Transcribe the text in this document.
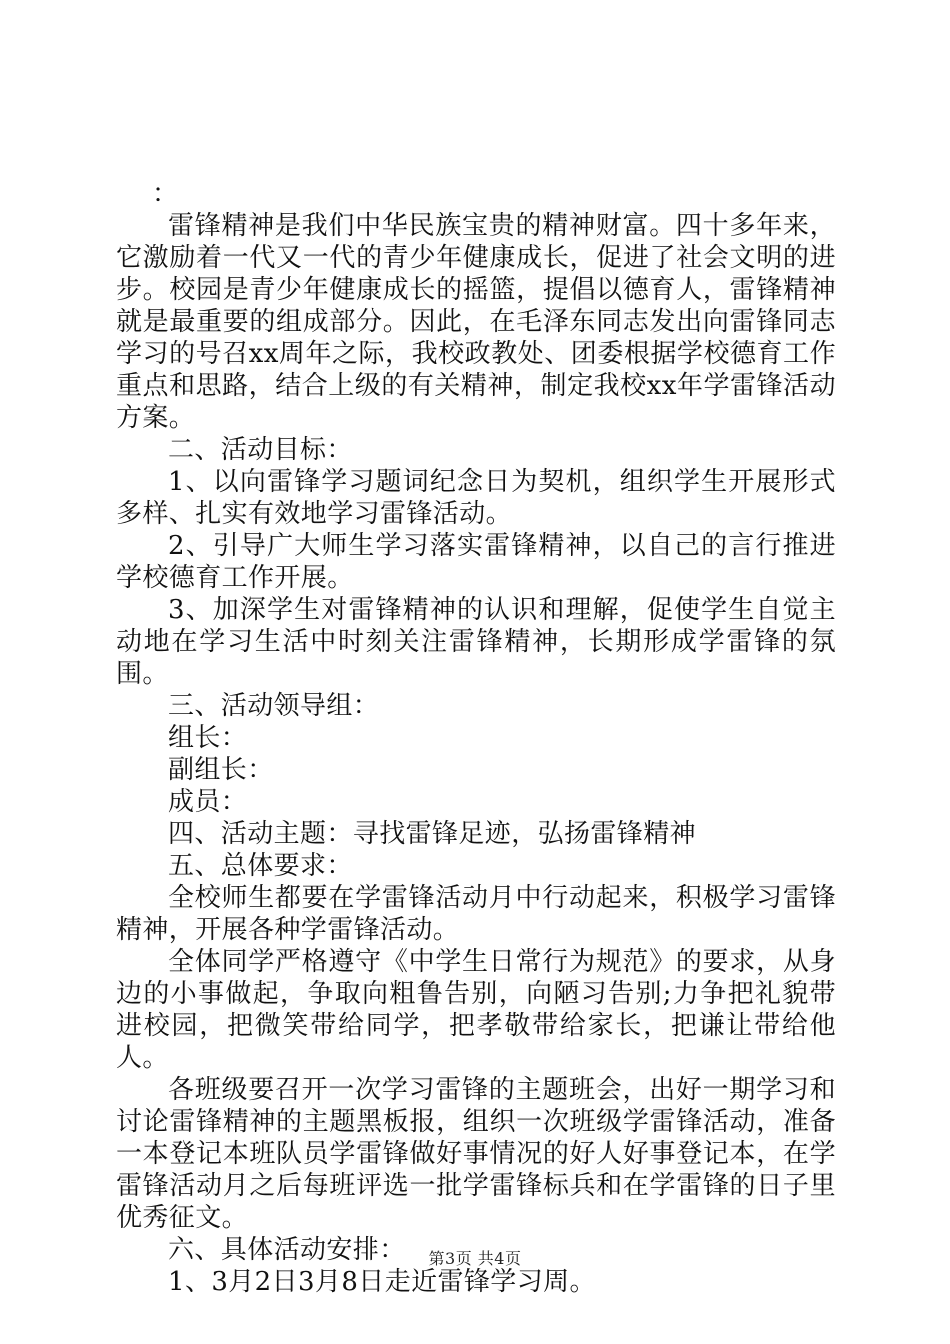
：

雷锋精神是我们中华民族宝贵的精神财富。四十多年来，它激励着一代又一代的青少年健康成长，促进了社会文明的进步。校园是青少年健康成长的摇篮，提倡以德育人，雷锋精神就是最重要的组成部分。因此，在毛泽东同志发出向雷锋同志学习的号召xx周年之际，我校政教处、团委根据学校德育工作重点和思路，结合上级的有关精神，制定我校xx年学雷锋活动方案。

二、活动目标：

1、以向雷锋学习题词纪念日为契机，组织学生开展形式多样、扎实有效地学习雷锋活动。

2、引导广大师生学习落实雷锋精神，以自己的言行推进学校德育工作开展。

3、加深学生对雷锋精神的认识和理解，促使学生自觉主动地在学习生活中时刻关注雷锋精神，长期形成学雷锋的氛围。

三、活动领导组：

组长：

副组长：

成员：

四、活动主题：寻找雷锋足迹，弘扬雷锋精神

五、总体要求：

全校师生都要在学雷锋活动月中行动起来，积极学习雷锋精神，开展各种学雷锋活动。

全体同学严格遵守《中学生日常行为规范》的要求，从身边的小事做起，争取向粗鲁告别，向陋习告别;力争把礼貌带进校园，把微笑带给同学，把孝敬带给家长，把谦让带给他人。

各班级要召开一次学习雷锋的主题班会，出好一期学习和讨论雷锋精神的主题黑板报，组织一次班级学雷锋活动，准备一本登记本班队员学雷锋做好事情况的好人好事登记本，在学雷锋活动月之后每班评选一批学雷锋标兵和在学雷锋的日子里优秀征文。

六、具体活动安排：

1、3月2日3月8日走近雷锋学习周。

第3页 共4页
